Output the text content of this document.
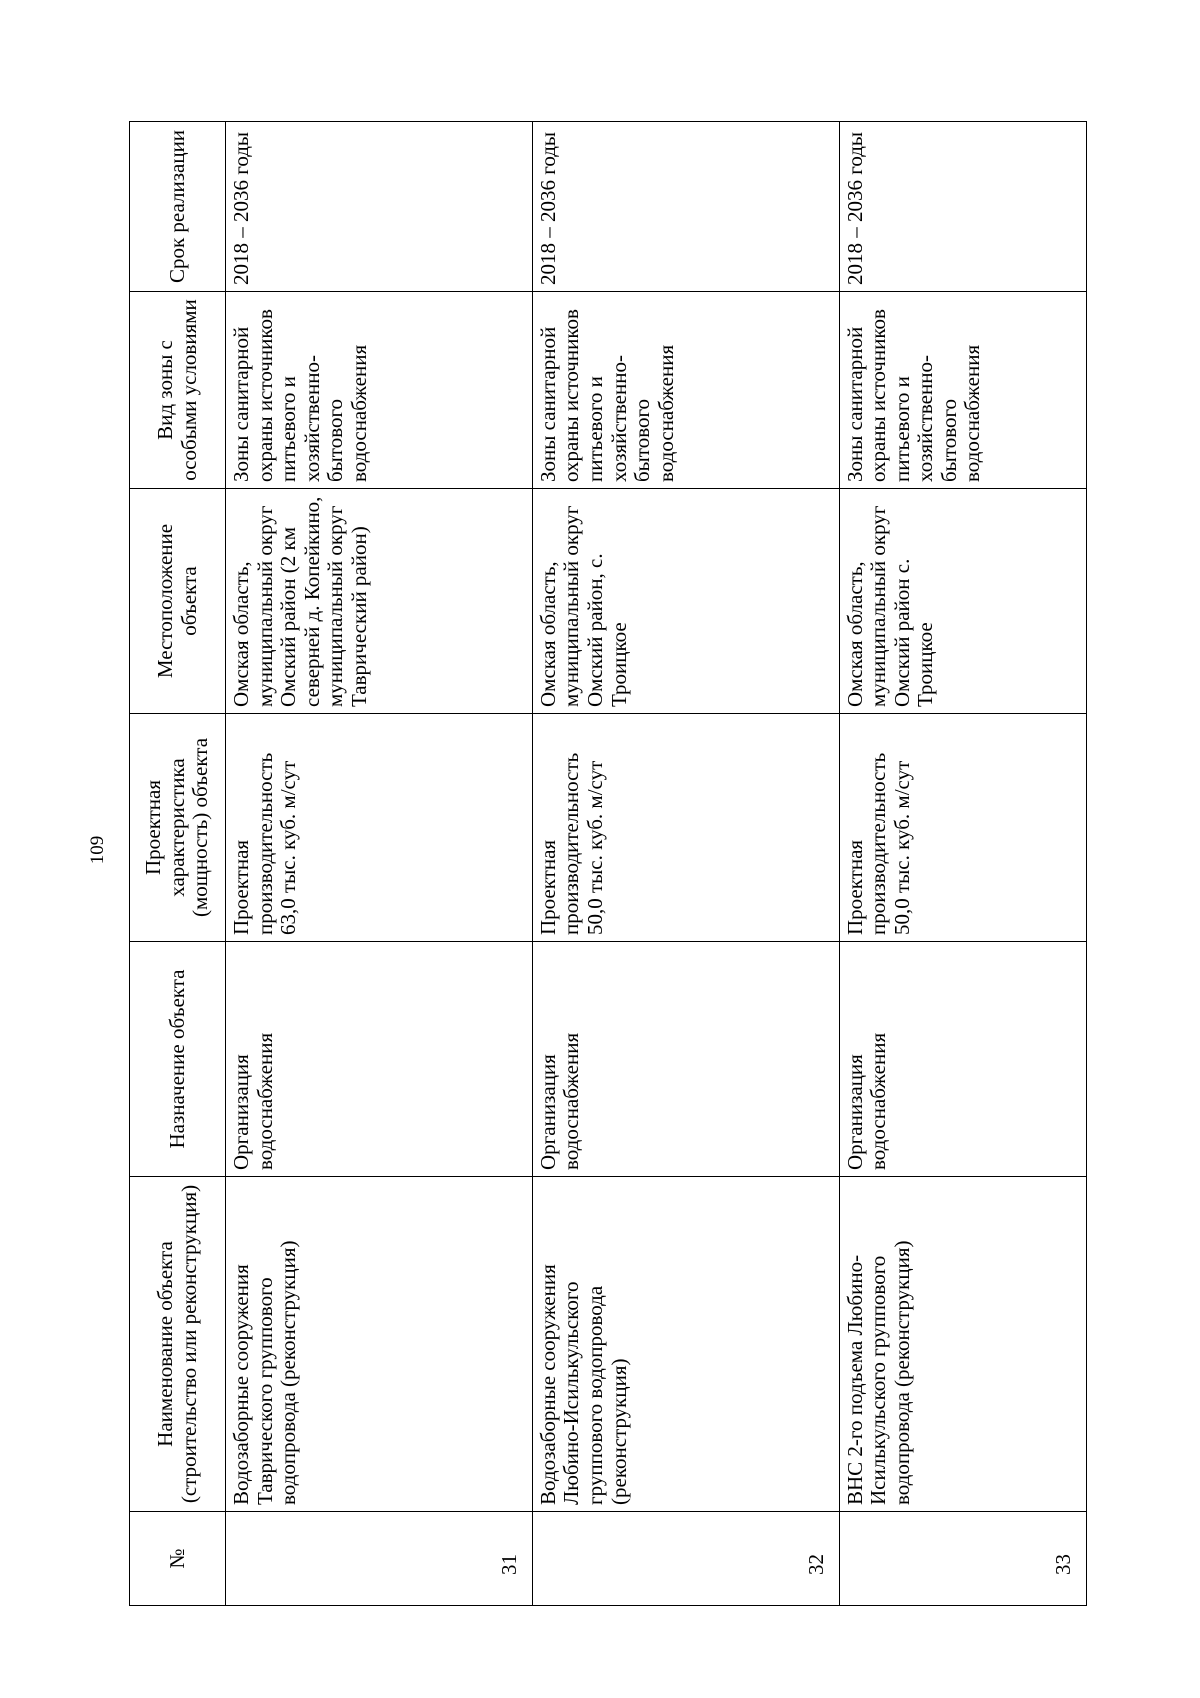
109
№	Наименование объекта (строительство или реконструкция)	Назначение объекта	Проектная характеристика (мощность) объекта	Местоположение объекта	Вид зоны с особыми условиями	Срок реализации
31	Водозаборные сооружения Таврического группового водопровода (реконструкция)	Организация водоснабжения	Проектная производительность 63,0 тыс. куб. м/сут	Омская область, муниципальный округ Омский район (2 км северней д. Копейкино, муниципальный округ Таврический район)	Зоны санитарной охраны источников питьевого и хозяйственно-бытового водоснабжения	2018 – 2036 годы
32	Водозаборные сооружения Любино-Исилькульского группового водопровода (реконструкция)	Организация водоснабжения	Проектная производительность 50,0 тыс. куб. м/сут	Омская область, муниципальный округ Омский район, с. Троицкое	Зоны санитарной охраны источников питьевого и хозяйственно-бытового водоснабжения	2018 – 2036 годы
33	ВНС 2-го подъема Любино-Исилькульского группового водопровода (реконструкция)	Организация водоснабжения	Проектная производительность 50,0 тыс. куб. м/сут	Омская область, муниципальный округ Омский район с. Троицкое	Зоны санитарной охраны источников питьевого и хозяйственно-бытового водоснабжения	2018 – 2036 годы
